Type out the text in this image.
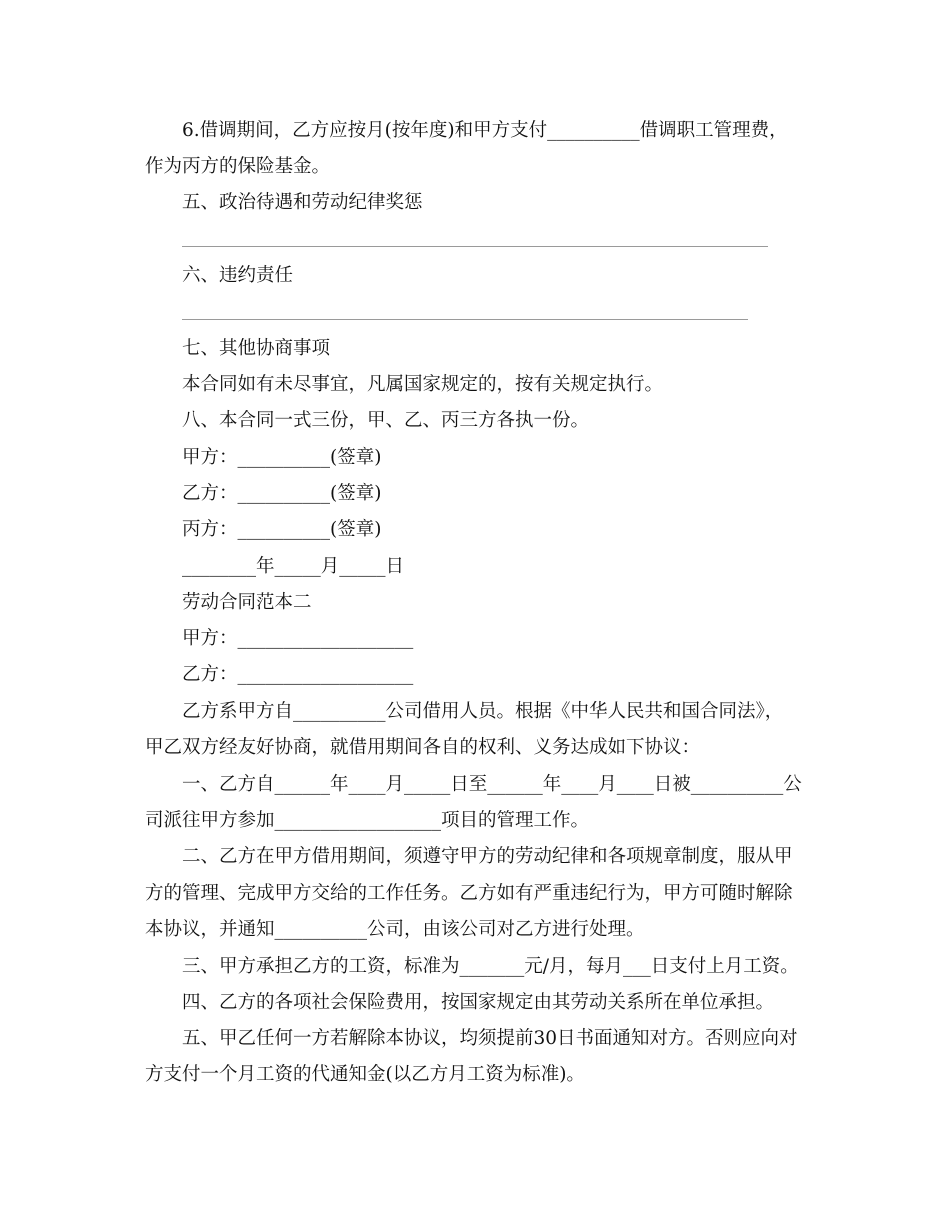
6.借调期间，乙方应按月(按年度)和甲方支付__________借调职工管理费，
作为丙方的保险基金。
五、政治待遇和劳动纪律奖惩
六、违约责任
七、其他协商事项
本合同如有未尽事宜，凡属国家规定的，按有关规定执行。
八、本合同一式三份，甲、乙、丙三方各执一份。
甲方：__________(签章)
乙方：__________(签章)
丙方：__________(签章)
________年_____月_____日
劳动合同范本二
甲方：___________________
乙方：___________________
乙方系甲方自__________公司借用人员。根据《中华人民共和国合同法》，
甲乙双方经友好协商，就借用期间各自的权利、义务达成如下协议：
一、乙方自______年____月_____日至______年____月____日被__________公
司派往甲方参加__________________项目的管理工作。
二、乙方在甲方借用期间，须遵守甲方的劳动纪律和各项规章制度，服从甲
方的管理、完成甲方交给的工作任务。乙方如有严重违纪行为，甲方可随时解除
本协议，并通知__________公司，由该公司对乙方进行处理。
三、甲方承担乙方的工资，标准为_______元/月，每月___日支付上月工资。
四、乙方的各项社会保险费用，按国家规定由其劳动关系所在单位承担。
五、甲乙任何一方若解除本协议，均须提前30日书面通知对方。否则应向对
方支付一个月工资的代通知金(以乙方月工资为标准)。
